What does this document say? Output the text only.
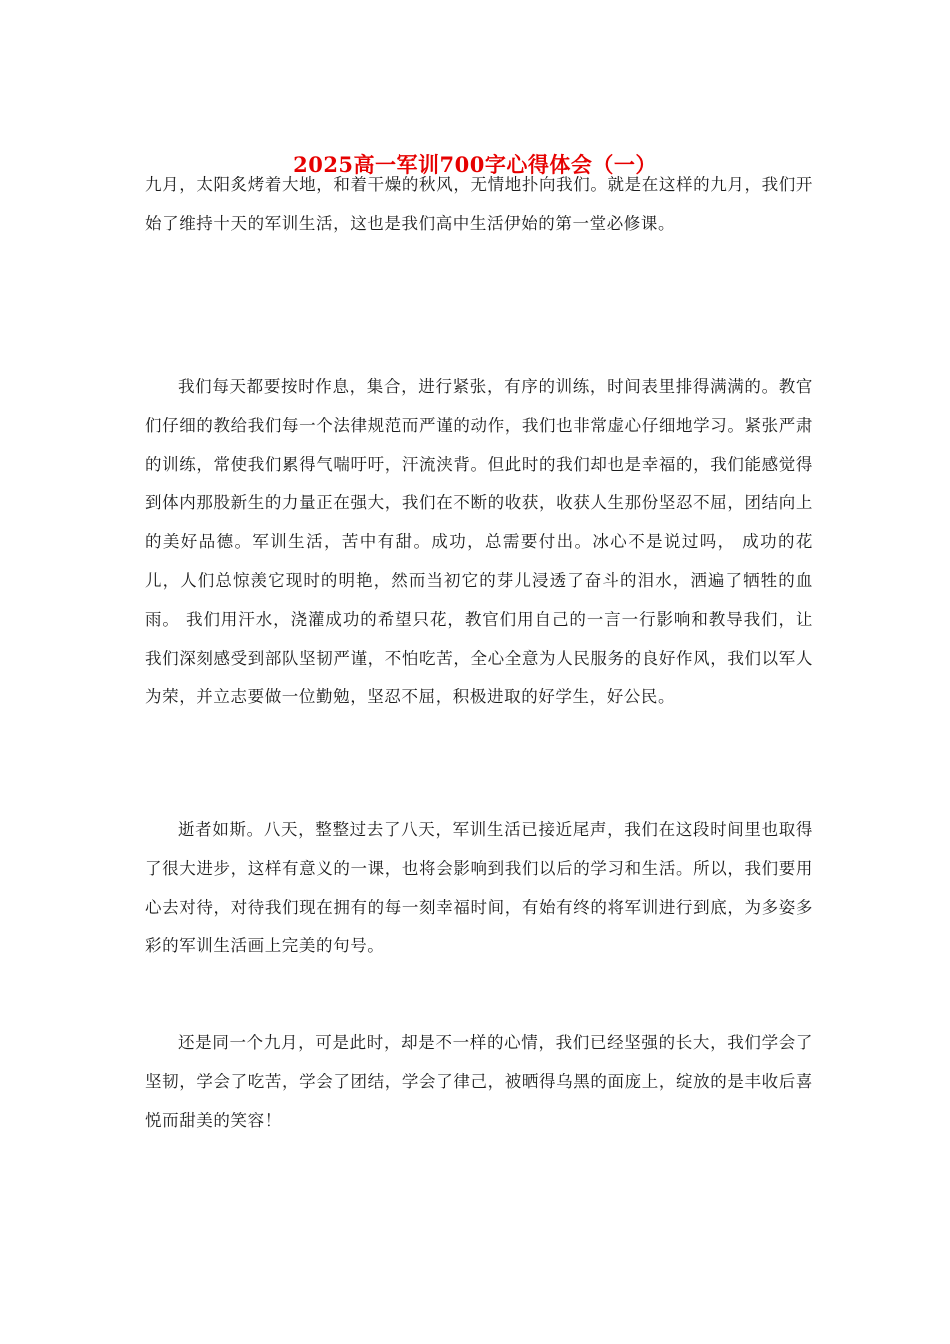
2025高一军训700字心得体会（一）
九月，太阳炙烤着大地，和着干燥的秋风，无情地扑向我们。就是在这样的九月，我们开始了维持十天的军训生活，这也是我们高中生活伊始的第一堂必修课。
我们每天都要按时作息，集合，进行紧张，有序的训练，时间表里排得满满的。教官们仔细的教给我们每一个法律规范而严谨的动作，我们也非常虚心仔细地学习。紧张严肃的训练，常使我们累得气喘吁吁，汗流浃背。但此时的我们却也是幸福的，我们能感觉得到体内那股新生的力量正在强大，我们在不断的收获，收获人生那份坚忍不屈，团结向上的美好品德。军训生活，苦中有甜。成功，总需要付出。冰心不是说过吗， 成功的花儿，人们总惊羡它现时的明艳，然而当初它的芽儿浸透了奋斗的泪水，洒遍了牺牲的血雨。 我们用汗水，浇灌成功的希望只花，教官们用自己的一言一行影响和教导我们，让我们深刻感受到部队坚韧严谨，不怕吃苦，全心全意为人民服务的良好作风，我们以军人为荣，并立志要做一位勤勉，坚忍不屈，积极进取的好学生，好公民。
逝者如斯。八天，整整过去了八天，军训生活已接近尾声，我们在这段时间里也取得了很大进步，这样有意义的一课，也将会影响到我们以后的学习和生活。所以，我们要用心去对待，对待我们现在拥有的每一刻幸福时间，有始有终的将军训进行到底，为多姿多彩的军训生活画上完美的句号。
还是同一个九月，可是此时，却是不一样的心情，我们已经坚强的长大，我们学会了坚韧，学会了吃苦，学会了团结，学会了律己，被晒得乌黑的面庞上，绽放的是丰收后喜悦而甜美的笑容！
